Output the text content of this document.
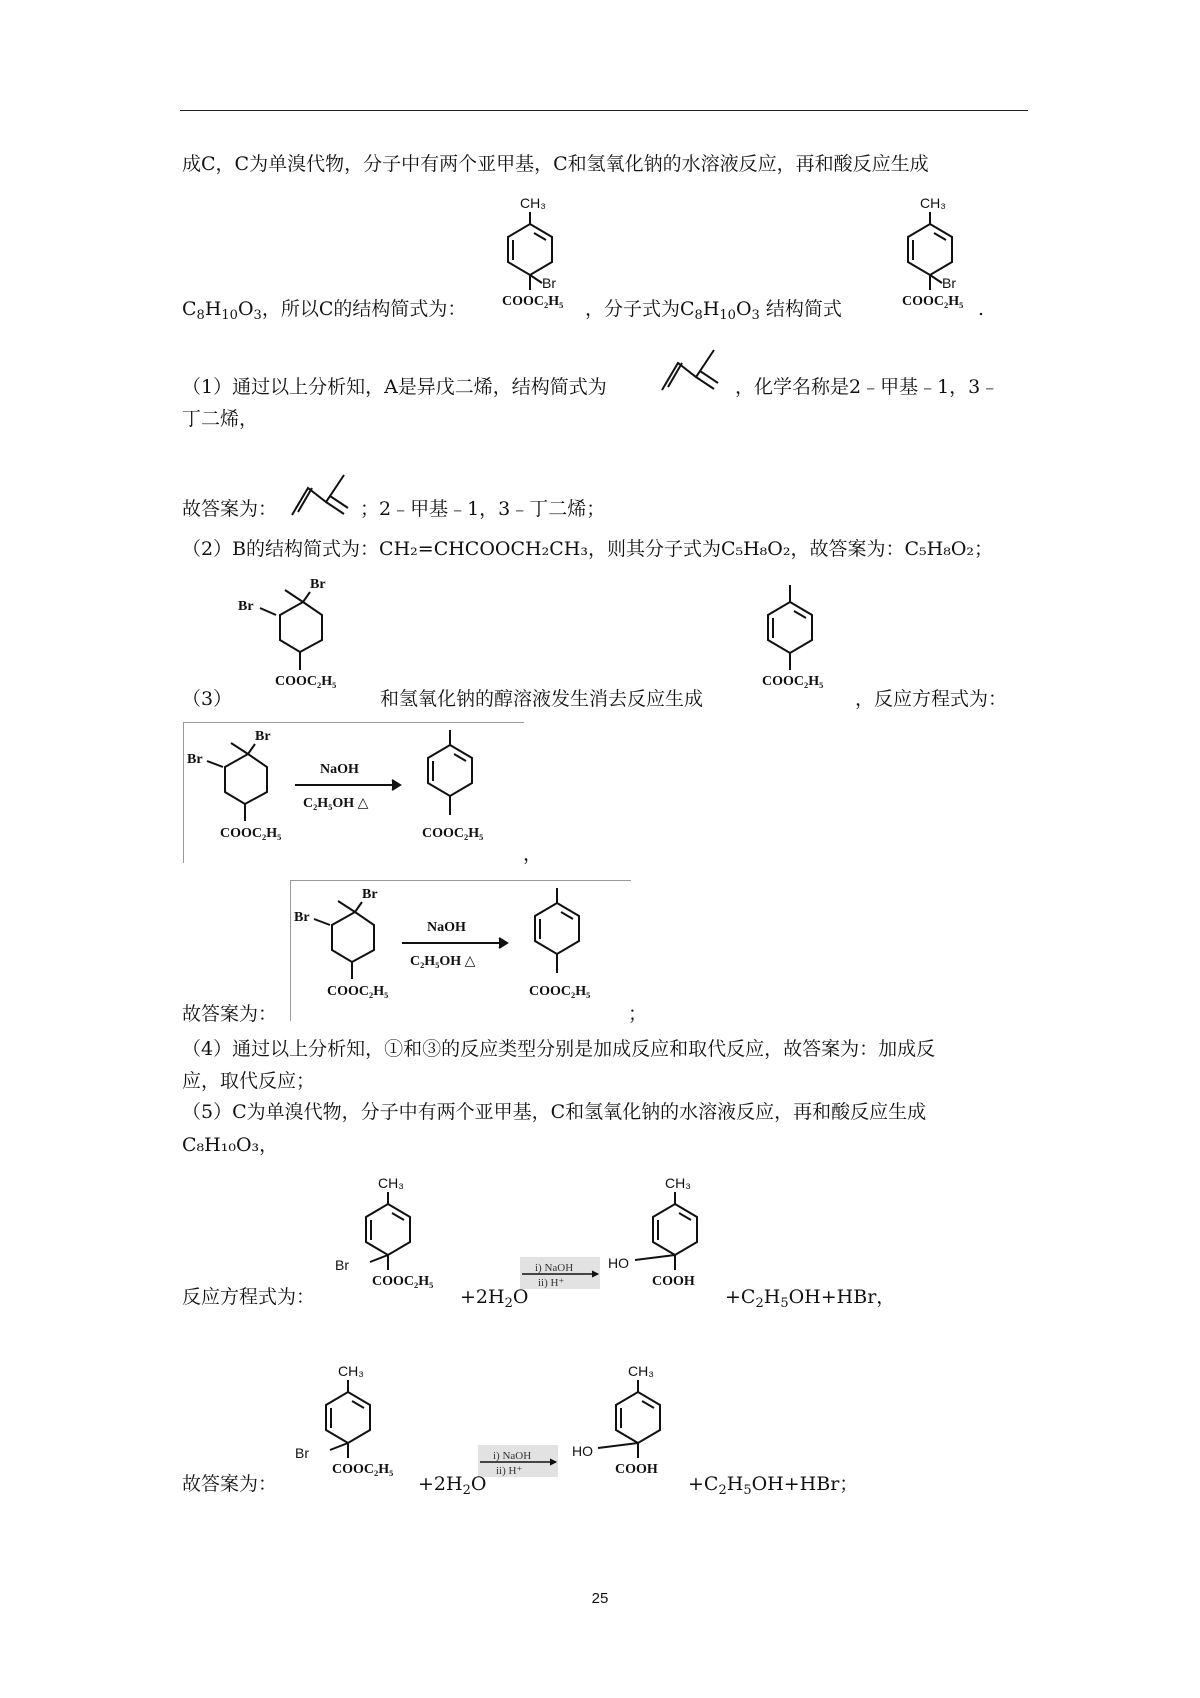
成C，C为单溴代物，分子中有两个亚甲基，C和氢氧化钠的水溶液反应，再和酸反应生成
$C_8H_{10}O_3$，所以C的结构简式为：
CH₃
Br
COOC₂H₅ ，分子式为$C_8H_{10}O_3$ 结构简式
CH₃
Br
COOC₂H₅ .
（1）通过以上分析知，A是异戊二烯，结构简式为	，化学名称是2﹣甲基﹣1，3﹣
丁二烯，
故答案为：	；2﹣甲基﹣1，3﹣丁二烯；
（2）B的结构简式为：CH₂=CHCOOCH₂CH₃，则其分子式为C₅H₈O₂，故答案为：C₅H₈O₂；
Br
Br
COOC₂H₅
（3）	和氢氧化钠的醇溶液发生消去反应生成
COOC₂H₅
，反应方程式为：
Br
Br
COOC₂H₅
NaOH
C₂H₅OH △
COOC₂H₅
，
Br
Br
COOC₂H₅
NaOH
C₂H₅OH △
COOC₂H₅
故答案为：	；
（4）通过以上分析知，①和③的反应类型分别是加成反应和取代反应，故答案为：加成反
应，取代反应；
（5）C为单溴代物，分子中有两个亚甲基，C和氢氧化钠的水溶液反应，再和酸反应生成
C₈H₁₀O₃，
反应方程式为：
CH₃
Br
COOC₂H₅
i) NaOH
ii) H⁺
HO
CH₃
COOH
$+2H_2O$	$+C_2H_5OH+HBr$，
故答案为：
CH₃
Br
COOC₂H₅
i) NaOH
ii) H⁺
HO
CH₃
COOH
$+2H_2O$	$+C_2H_5OH+HBr$；
25
